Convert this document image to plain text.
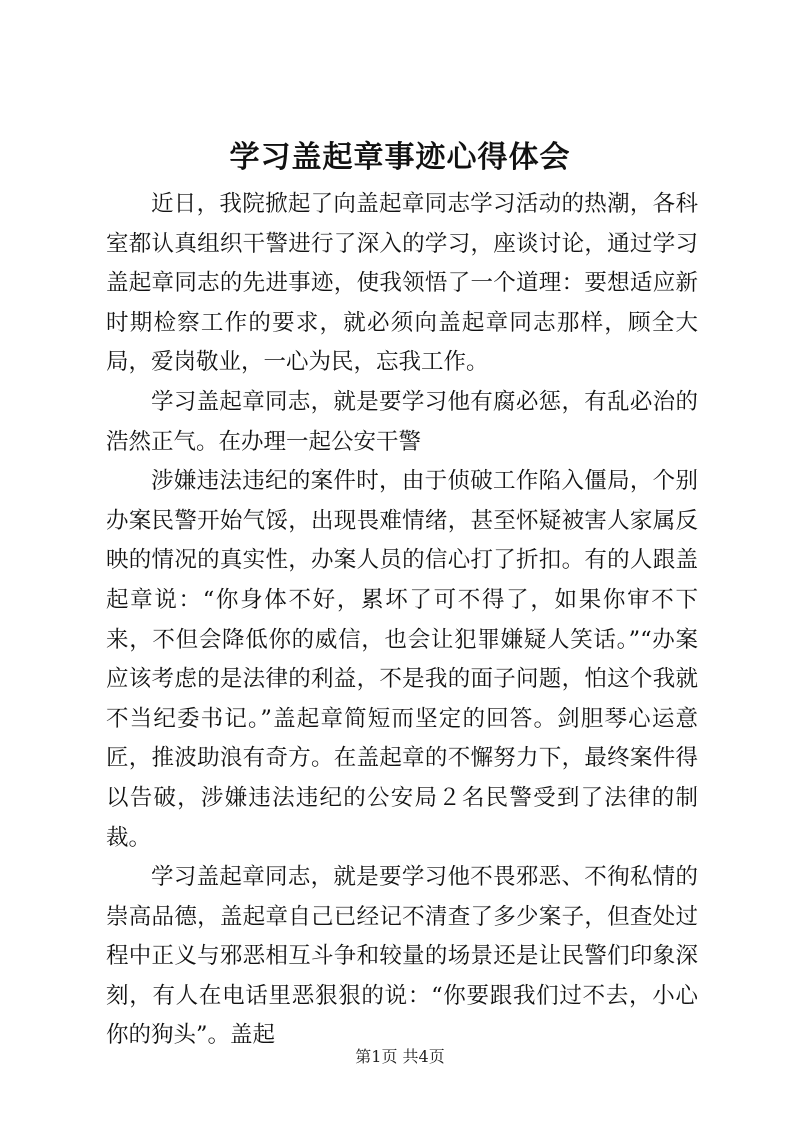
学习盖起章事迹心得体会

近日，我院掀起了向盖起章同志学习活动的热潮，各科室都认真组织干警进行了深入的学习，座谈讨论，通过学习盖起章同志的先进事迹，使我领悟了一个道理：要想适应新时期检察工作的要求，就必须向盖起章同志那样，顾全大局，爱岗敬业，一心为民，忘我工作。

学习盖起章同志，就是要学习他有腐必惩，有乱必治的浩然正气。在办理一起公安干警

涉嫌违法违纪的案件时，由于侦破工作陷入僵局，个别办案民警开始气馁，出现畏难情绪，甚至怀疑被害人家属反映的情况的真实性，办案人员的信心打了折扣。有的人跟盖起章说：“你身体不好，累坏了可不得了，如果你审不下来，不但会降低你的威信，也会让犯罪嫌疑人笑话。”“办案应该考虑的是法律的利益，不是我的面子问题，怕这个我就不当纪委书记。”盖起章简短而坚定的回答。剑胆琴心运意匠，推波助浪有奇方。在盖起章的不懈努力下，最终案件得以告破，涉嫌违法违纪的公安局２名民警受到了法律的制裁。

学习盖起章同志，就是要学习他不畏邪恶、不徇私情的崇高品德，盖起章自己已经记不清查了多少案子，但查处过程中正义与邪恶相互斗争和较量的场景还是让民警们印象深刻，有人在电话里恶狠狠的说：“你要跟我们过不去，小心你的狗头”。盖起

第1页 共4页
